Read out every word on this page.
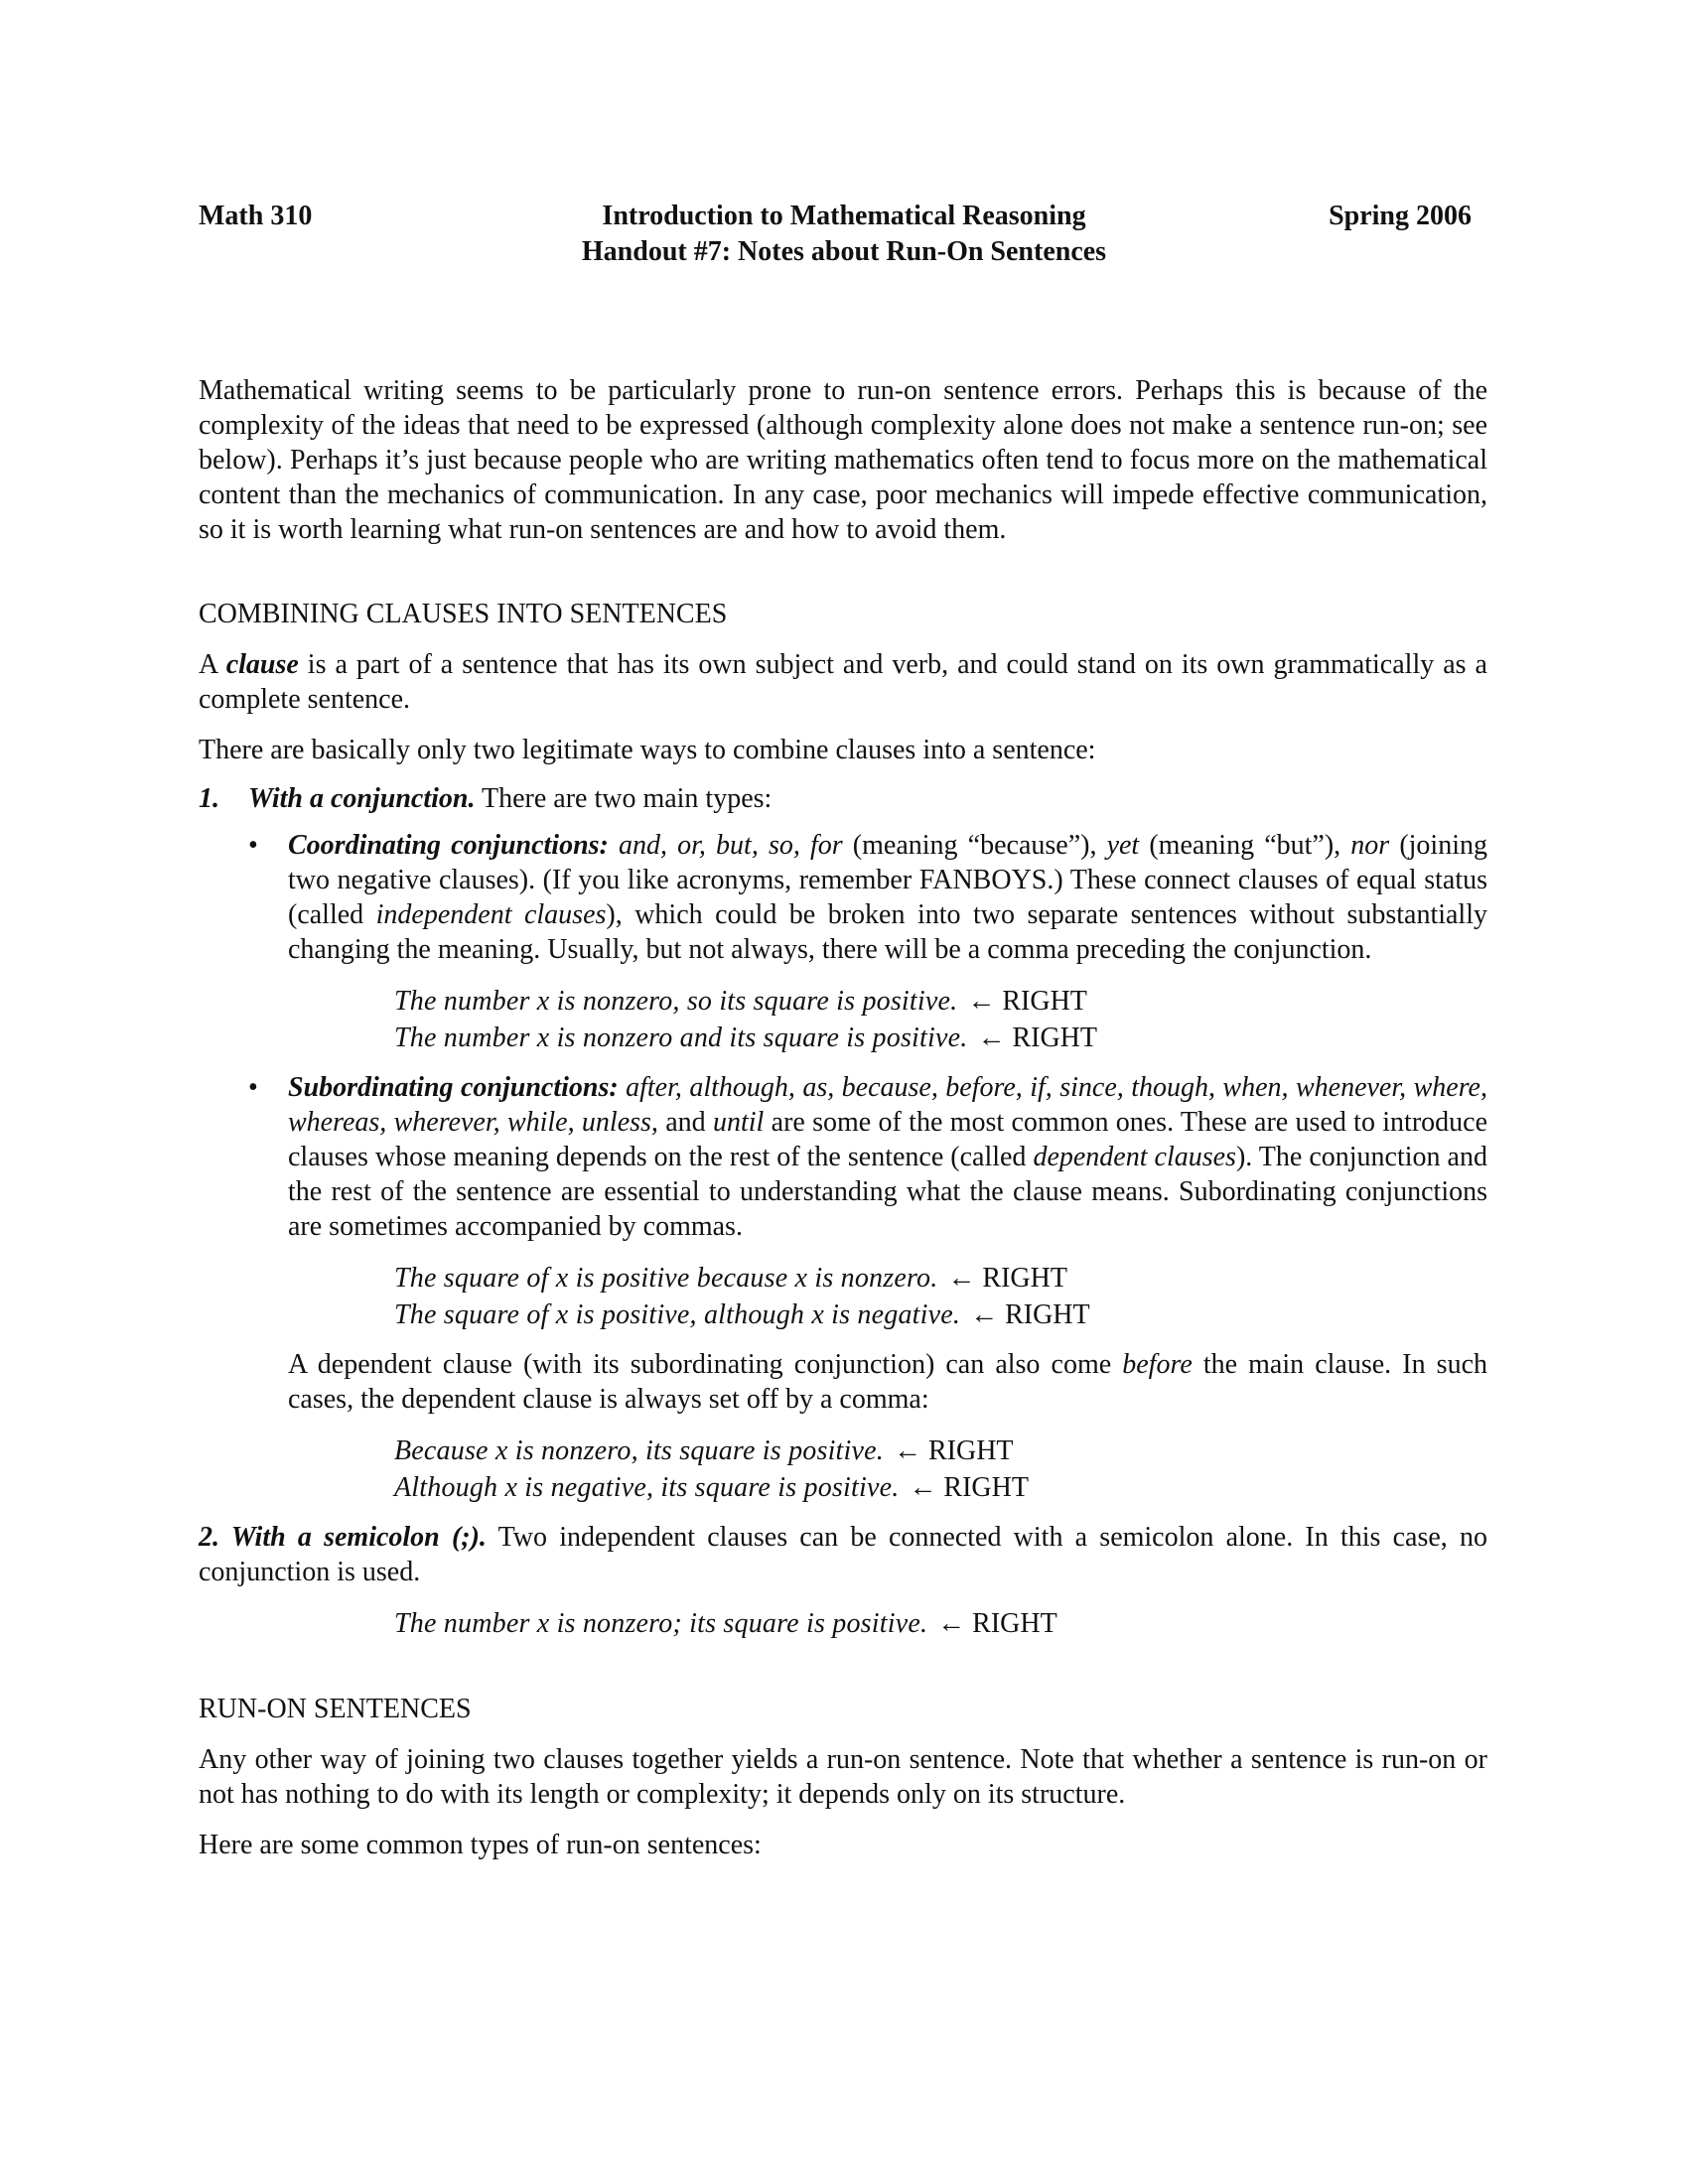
Math 310	Introduction to Mathematical Reasoning
Handout #7: Notes about Run-On Sentences
Spring 2006

Mathematical writing seems to be particularly prone to run-on sentence errors. Perhaps this is because of the complexity of the ideas that need to be expressed (although complexity alone does not make a sentence run-on; see below). Perhaps it’s just because people who are writing mathematics often tend to focus more on the mathematical content than the mechanics of communication. In any case, poor mechanics will impede effective communication, so it is worth learning what run-on sentences are and how to avoid them.

COMBINING CLAUSES INTO SENTENCES

A clause is a part of a sentence that has its own subject and verb, and could stand on its own grammatically as a complete sentence.

There are basically only two legitimate ways to combine clauses into a sentence:

1. With a conjunction. There are two main types:
• Coordinating conjunctions: and, or, but, so, for (meaning “because”), yet (meaning “but”), nor (joining two negative clauses). (If you like acronyms, remember FANBOYS.) These connect clauses of equal status (called independent clauses), which could be broken into two separate sentences without substantially changing the meaning. Usually, but not always, there will be a comma preceding the conjunction.

The number x is nonzero, so its square is positive. ← RIGHT
The number x is nonzero and its square is positive. ← RIGHT
• Subordinating conjunctions: after, although, as, because, before, if, since, though, when, whenever, where, whereas, wherever, while, unless, and until are some of the most common ones. These are used to introduce clauses whose meaning depends on the rest of the sentence (called dependent clauses). The conjunction and the rest of the sentence are essential to understanding what the clause means. Subordinating conjunctions are sometimes accompanied by commas.

The square of x is positive because x is nonzero. ← RIGHT
The square of x is positive, although x is negative. ← RIGHT

A dependent clause (with its subordinating conjunction) can also come before the main clause. In such cases, the dependent clause is always set off by a comma:

Because x is nonzero, its square is positive. ← RIGHT
Although x is negative, its square is positive. ← RIGHT

2. With a semicolon (;). Two independent clauses can be connected with a semicolon alone. In this case, no conjunction is used.

The number x is nonzero; its square is positive. ← RIGHT
RUN-ON SENTENCES

Any other way of joining two clauses together yields a run-on sentence. Note that whether a sentence is run-on or not has nothing to do with its length or complexity; it depends only on its structure.

Here are some common types of run-on sentences:
